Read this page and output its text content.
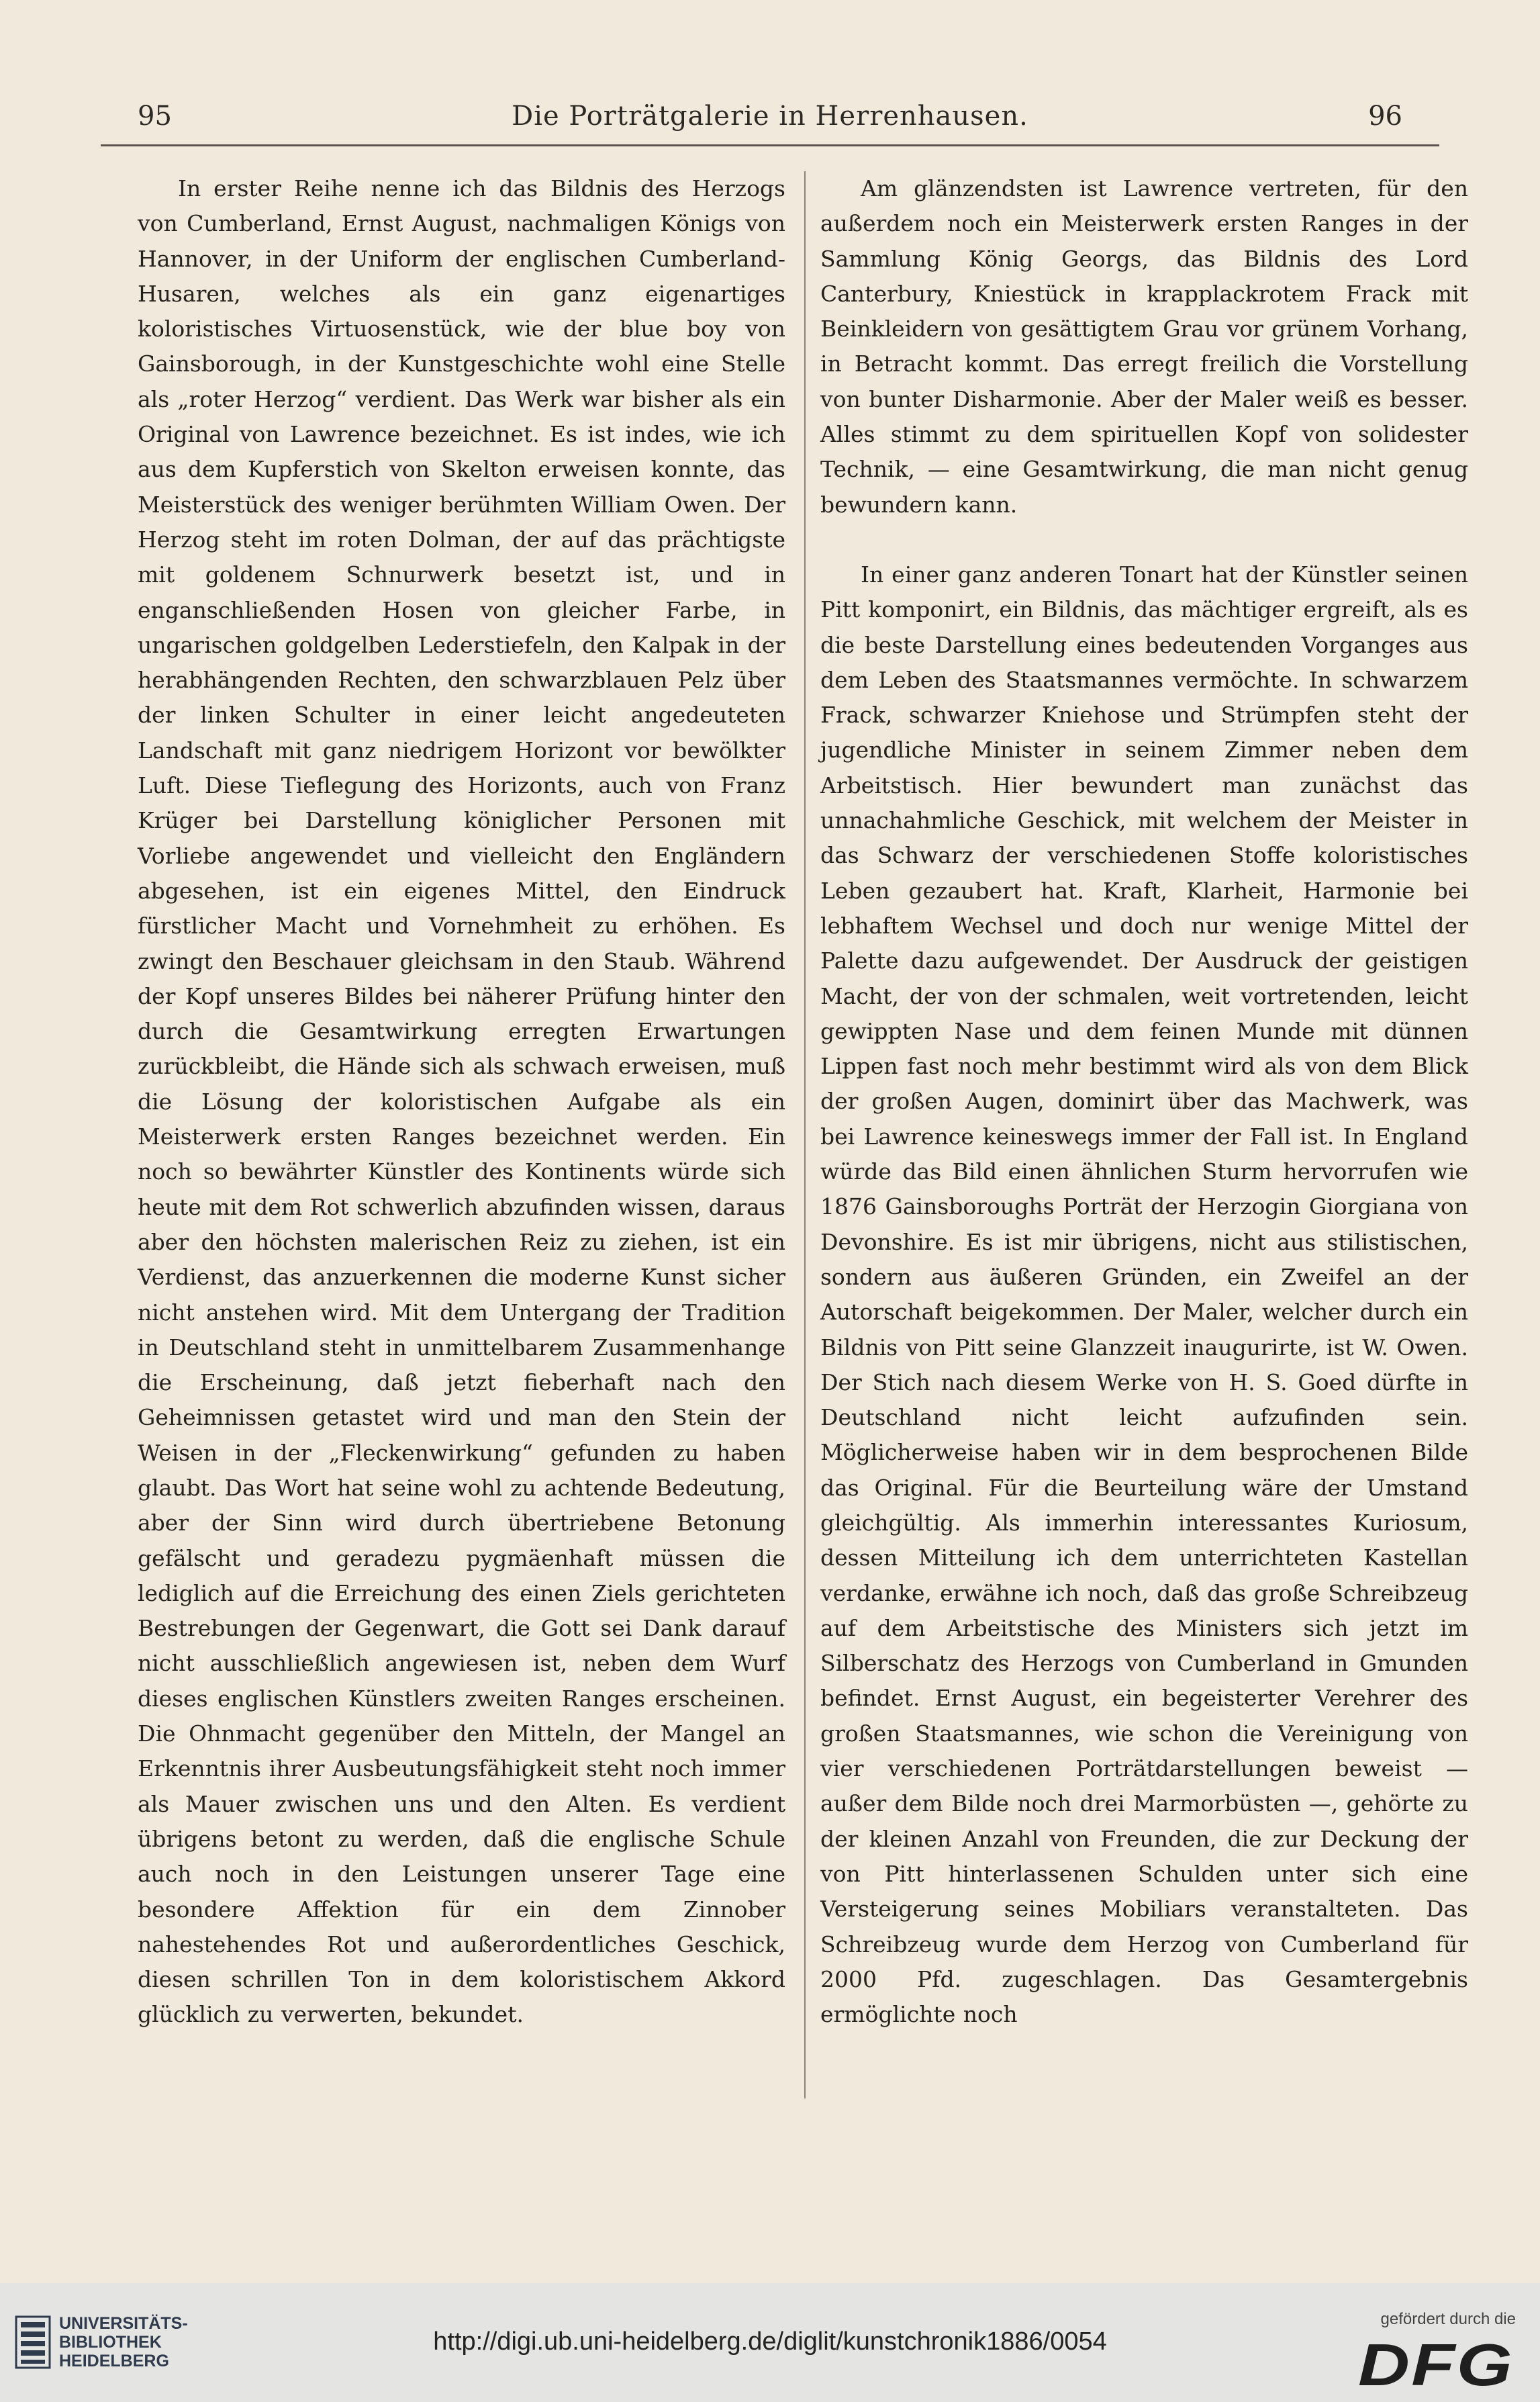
95	Die Porträtgalerie in Herrenhausen.	96

In erster Reihe nenne ich das Bildnis des Herzogs von Cumberland, Ernst August, nachmaligen Königs von Hannover, in der Uniform der englischen Cumberland-Husaren, welches als ein ganz eigenartiges koloristisches Virtuosenstück, wie der blue boy von Gainsborough, in der Kunstgeschichte wohl eine Stelle als „roter Herzog“ verdient. Das Werk war bisher als ein Original von Lawrence bezeichnet. Es ist indes, wie ich aus dem Kupferstich von Skelton erweisen konnte, das Meisterstück des weniger berühmten William Owen. Der Herzog steht im roten Dolman, der auf das prächtigste mit goldenem Schnurwerk besetzt ist, und in enganschließenden Hosen von gleicher Farbe, in ungarischen goldgelben Lederstiefeln, den Kalpak in der herabhängenden Rechten, den schwarzblauen Pelz über der linken Schulter in einer leicht angedeuteten Landschaft mit ganz niedrigem Horizont vor bewölkter Luft. Diese Tieflegung des Horizonts, auch von Franz Krüger bei Darstellung königlicher Personen mit Vorliebe angewendet und vielleicht den Engländern abgesehen, ist ein eigenes Mittel, den Eindruck fürstlicher Macht und Vornehmheit zu erhöhen. Es zwingt den Beschauer gleichsam in den Staub. Während der Kopf unseres Bildes bei näherer Prüfung hinter den durch die Gesamtwirkung erregten Erwartungen zurückbleibt, die Hände sich als schwach erweisen, muß die Lösung der koloristischen Aufgabe als ein Meisterwerk ersten Ranges bezeichnet werden. Ein noch so bewährter Künstler des Kontinents würde sich heute mit dem Rot schwerlich abzufinden wissen, daraus aber den höchsten malerischen Reiz zu ziehen, ist ein Verdienst, das anzuerkennen die moderne Kunst sicher nicht anstehen wird. Mit dem Untergang der Tradition in Deutschland steht in unmittelbarem Zusammenhange die Erscheinung, daß jetzt fieberhaft nach den Geheimnissen getastet wird und man den Stein der Weisen in der „Fleckenwirkung“ gefunden zu haben glaubt. Das Wort hat seine wohl zu achtende Bedeutung, aber der Sinn wird durch übertriebene Betonung gefälscht und geradezu pygmäenhaft müssen die lediglich auf die Erreichung des einen Ziels gerichteten Bestrebungen der Gegenwart, die Gott sei Dank darauf nicht ausschließlich angewiesen ist, neben dem Wurf dieses englischen Künstlers zweiten Ranges erscheinen. Die Ohnmacht gegenüber den Mitteln, der Mangel an Erkenntnis ihrer Ausbeutungsfähigkeit steht noch immer als Mauer zwischen uns und den Alten. Es verdient übrigens betont zu werden, daß die englische Schule auch noch in den Leistungen unserer Tage eine besondere Affektion für ein dem Zinnober nahestehendes Rot und außerordentliches Geschick, diesen schrillen Ton in dem koloristischem Akkord glücklich zu verwerten, bekundet.

Am glänzendsten ist Lawrence vertreten, für den außerdem noch ein Meisterwerk ersten Ranges in der Sammlung König Georgs, das Bildnis des Lord Canterbury, Kniestück in krapplackrotem Frack mit Beinkleidern von gesättigtem Grau vor grünem Vorhang, in Betracht kommt. Das erregt freilich die Vorstellung von bunter Disharmonie. Aber der Maler weiß es besser. Alles stimmt zu dem spirituellen Kopf von solidester Technik, — eine Gesamtwirkung, die man nicht genug bewundern kann.

In einer ganz anderen Tonart hat der Künstler seinen Pitt komponirt, ein Bildnis, das mächtiger ergreift, als es die beste Darstellung eines bedeutenden Vorganges aus dem Leben des Staatsmannes vermöchte. In schwarzem Frack, schwarzer Kniehose und Strümpfen steht der jugendliche Minister in seinem Zimmer neben dem Arbeitstisch. Hier bewundert man zunächst das unnachahmliche Geschick, mit welchem der Meister in das Schwarz der verschiedenen Stoffe koloristisches Leben gezaubert hat. Kraft, Klarheit, Harmonie bei lebhaftem Wechsel und doch nur wenige Mittel der Palette dazu aufgewendet. Der Ausdruck der geistigen Macht, der von der schmalen, weit vortretenden, leicht gewippten Nase und dem feinen Munde mit dünnen Lippen fast noch mehr bestimmt wird als von dem Blick der großen Augen, dominirt über das Machwerk, was bei Lawrence keineswegs immer der Fall ist. In England würde das Bild einen ähnlichen Sturm hervorrufen wie 1876 Gainsboroughs Porträt der Herzogin Giorgiana von Devonshire. Es ist mir übrigens, nicht aus stilistischen, sondern aus äußeren Gründen, ein Zweifel an der Autorschaft beigekommen. Der Maler, welcher durch ein Bildnis von Pitt seine Glanzzeit inaugurirte, ist W. Owen. Der Stich nach diesem Werke von H. S. Goed dürfte in Deutschland nicht leicht aufzufinden sein. Möglicherweise haben wir in dem besprochenen Bilde das Original. Für die Beurteilung wäre der Umstand gleichgültig. Als immerhin interessantes Kuriosum, dessen Mitteilung ich dem unterrichteten Kastellan verdanke, erwähne ich noch, daß das große Schreibzeug auf dem Arbeitstische des Ministers sich jetzt im Silberschatz des Herzogs von Cumberland in Gmunden befindet. Ernst August, ein begeisterter Verehrer des großen Staatsmannes, wie schon die Vereinigung von vier verschiedenen Porträtdarstellungen beweist — außer dem Bilde noch drei Marmorbüsten —, gehörte zu der kleinen Anzahl von Freunden, die zur Deckung der von Pitt hinterlassenen Schulden unter sich eine Versteigerung seines Mobiliars veranstalteten. Das Schreibzeug wurde dem Herzog von Cumberland für 2000 Pfd. zugeschlagen. Das Gesamtergebnis ermöglichte noch

UNIVERSITÄTS-
BIBLIOTHEK
HEIDELBERG
http://digi.ub.uni-heidelberg.de/diglit/kunstchronik1886/0054
gefördert durch die
DFG
